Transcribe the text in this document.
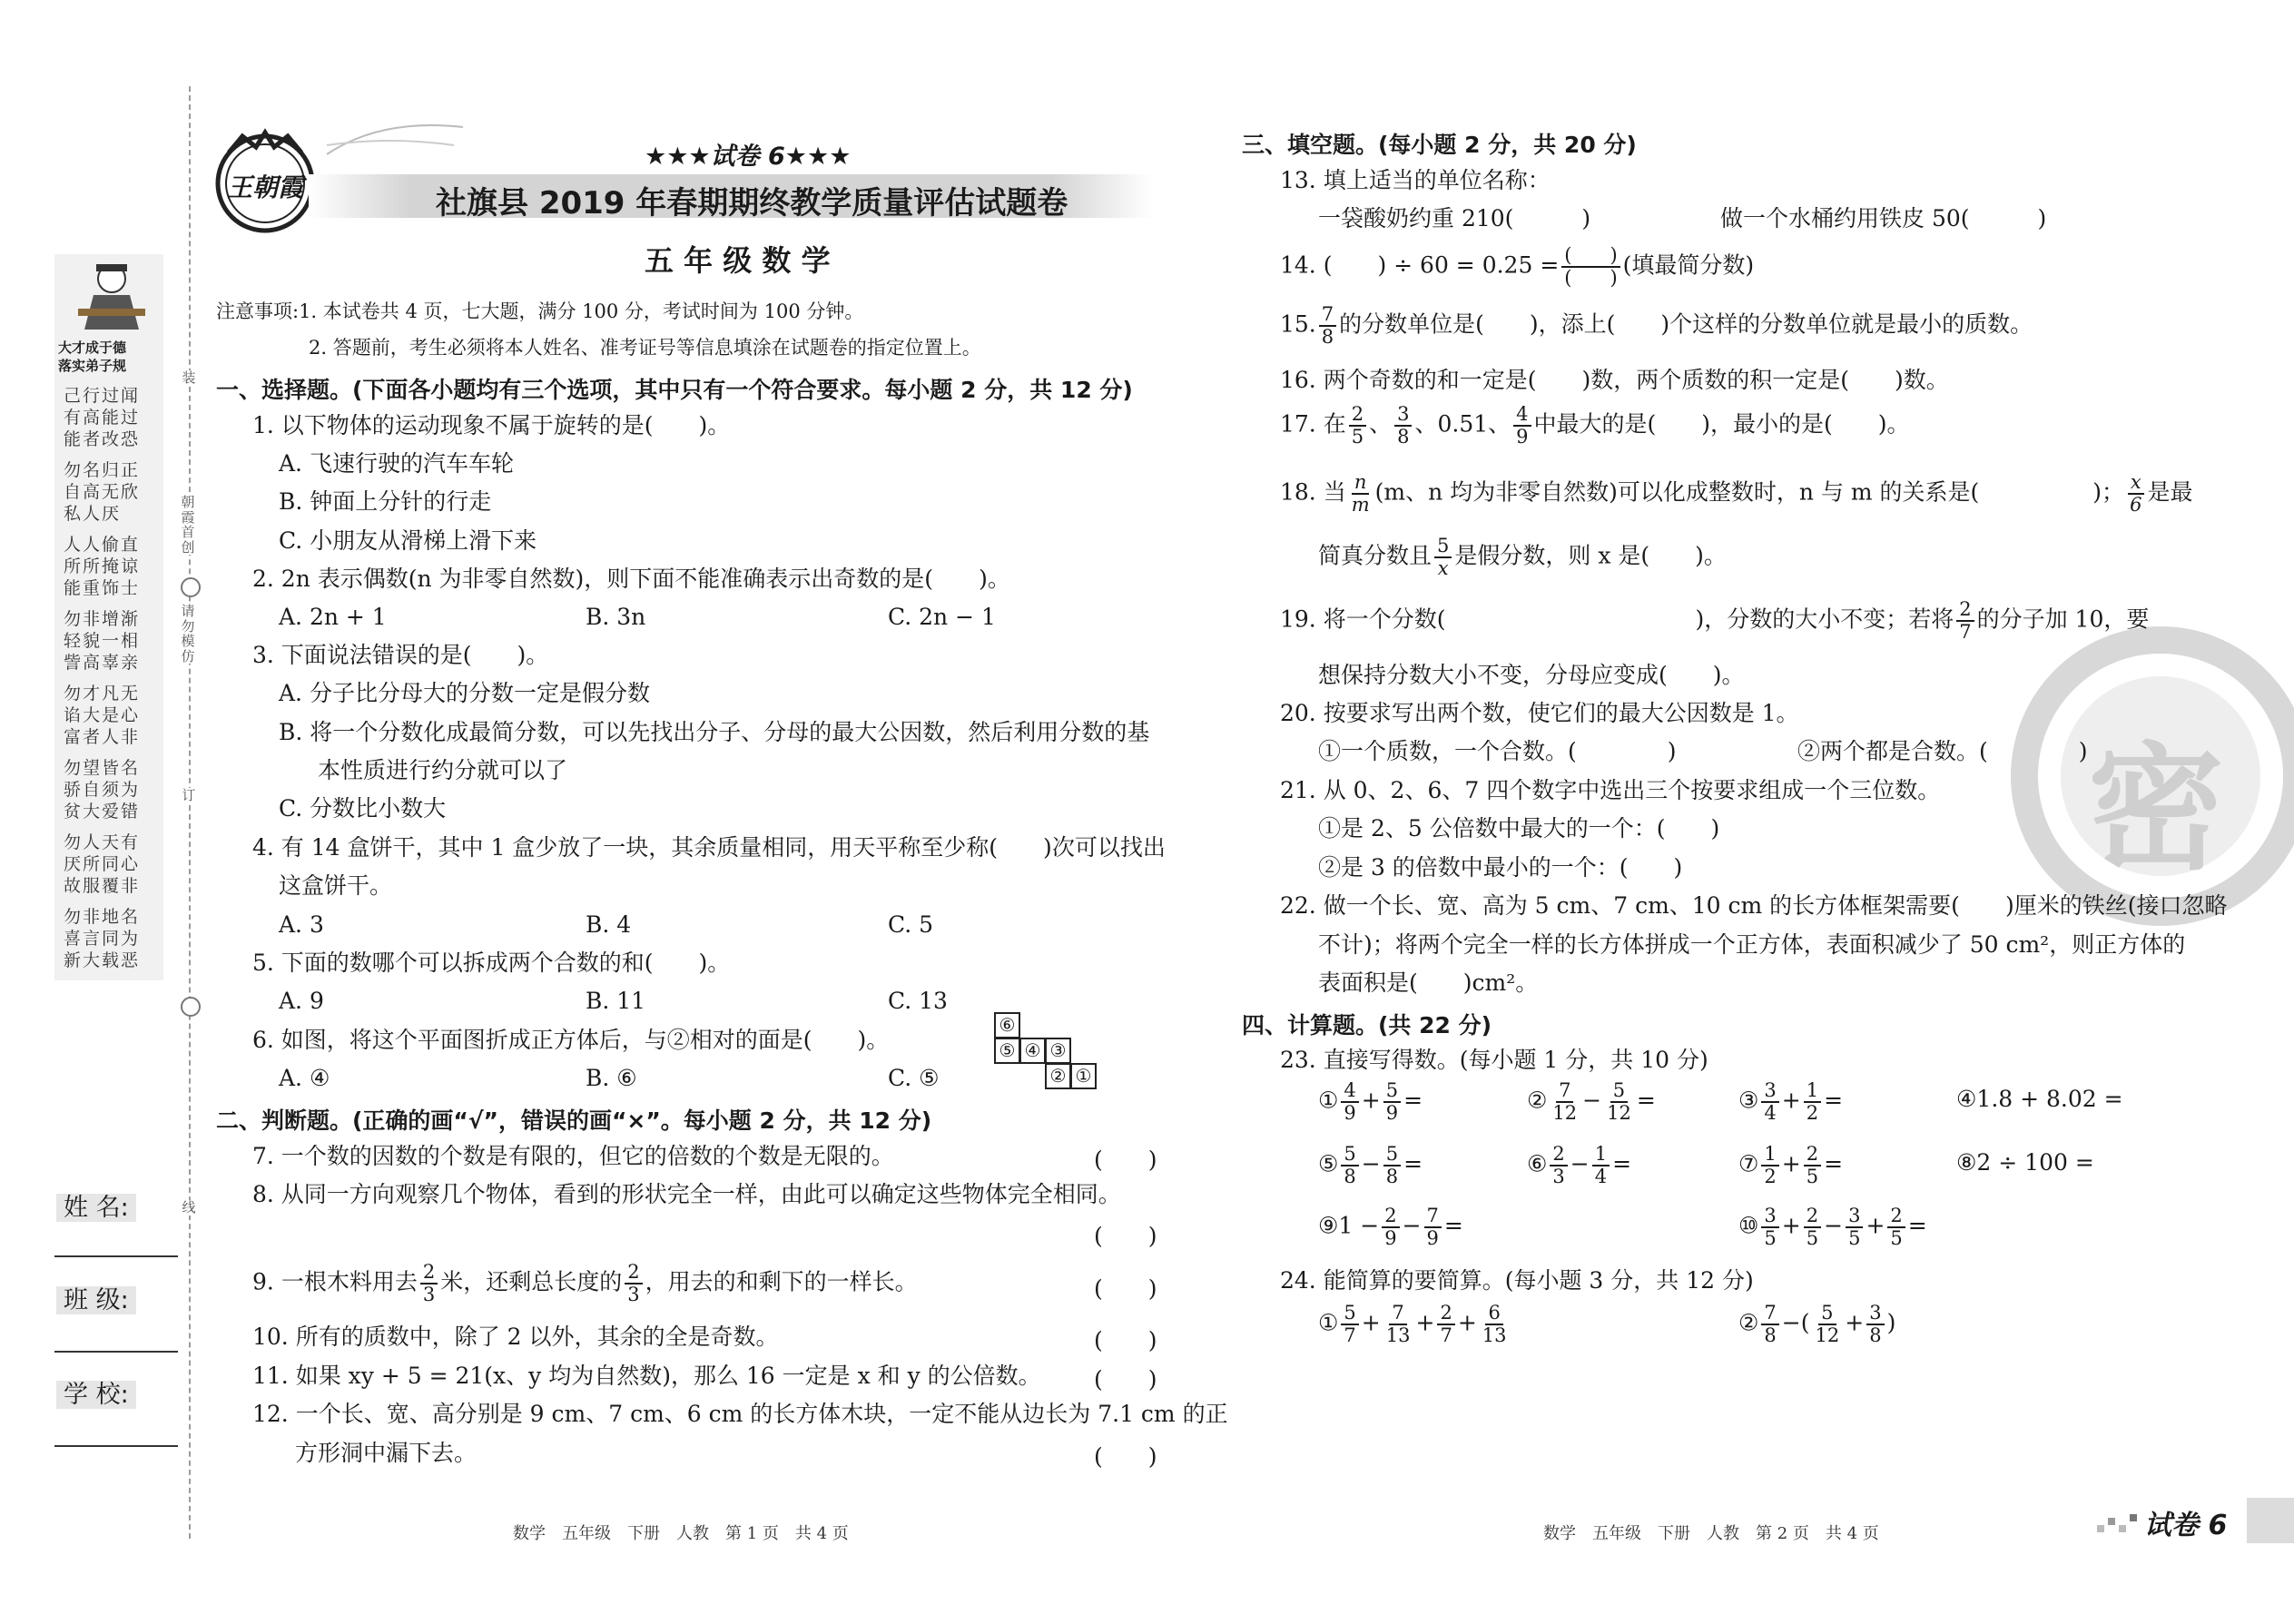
大才成于德
落实弟子规
己行过闻
有高能过
能者改恐
勿名归正
自高无欣
私人厌
人人偷直
所所掩谅
能重饰士
勿非增渐
轻貌一相
訾高辜亲
勿才凡无
谄大是心
富者人非
勿望皆名
骄自须为
贫大爱错
勿人天有
厌所同心
故服覆非
勿非地名
喜言同为
新大载恶
装
朝霞首创
请勿模仿
订
线
姓 名:
班 级:
学 校:
王朝霞
★★★试卷 6★★★
社旗县 2019 年春期期终教学质量评估试题卷
五 年 级 数 学
注意事项:1. 本试卷共 4 页，七大题，满分 100 分，考试时间为 100 分钟。
2. 答题前，考生必须将本人姓名、准考证号等信息填涂在试题卷的指定位置上。
一、选择题。(下面各小题均有三个选项，其中只有一个符合要求。每小题 2 分，共 12 分)
1. 以下物体的运动现象不属于旋转的是(　　)。
A. 飞速行驶的汽车车轮
B. 钟面上分针的行走
C. 小朋友从滑梯上滑下来
2. 2n 表示偶数(n 为非零自然数)，则下面不能准确表示出奇数的是(　　)。
A. 2n + 1	B. 3n	C. 2n − 1
3. 下面说法错误的是(　　)。
A. 分子比分母大的分数一定是假分数
B. 将一个分数化成最简分数，可以先找出分子、分母的最大公因数，然后利用分数的基
本性质进行约分就可以了
C. 分数比小数大
4. 有 14 盒饼干，其中 1 盒少放了一块，其余质量相同，用天平称至少称(　　)次可以找出
这盒饼干。
A. 3	B. 4	C. 5
5. 下面的数哪个可以拆成两个合数的和(　　)。
A. 9	B. 11	C. 13
6. 如图，将这个平面图折成正方体后，与②相对的面是(　　)。
A. ④	B. ⑥	C. ⑤
⑥
⑤ ④ ③
② ①
二、判断题。(正确的画“√”，错误的画“×”。每小题 2 分，共 12 分)
7. 一个数的因数的个数是有限的，但它的倍数的个数是无限的。	(　　)
8. 从同一方向观察几个物体，看到的形状完全一样，由此可以确定这些物体完全相同。
(　　)
9. 一根木料用去 $\frac{2}{3}$ 米，还剩总长度的 $\frac{2}{3}$ ，用去的和剩下的一样长。	(　　)
10. 所有的质数中，除了 2 以外，其余的全是奇数。	(　　)
11. 如果 xy + 5 = 21(x、y 均为自然数)，那么 16 一定是 x 和 y 的公倍数。 (　　)
12. 一个长、宽、高分别是 9 cm、7 cm、6 cm 的长方体木块，一定不能从边长为 7.1 cm 的正
方形洞中漏下去。	(　　)
数学　五年级　下册　人教　第 1 页　共 4 页
密
三、填空题。(每小题 2 分，共 20 分)
13. 填上适当的单位名称：
一袋酸奶约重 210(　　　)	做一个水桶约用铁皮 50(　　　)
14. (　　) ÷ $60 = 0.25 = \frac{( )}{( )}$ (填最简分数)
15. $\frac{7}{8}$ 的分数单位是(　　)，添上(　　)个这样的分数单位就是最小的质数。
16. 两个奇数的和一定是(　　)数，两个质数的积一定是(　　)数。
17. 在 $\frac{2}{5}$ 、 $\frac{3}{8}$ 、0.51、 $\frac{4}{9}$ 中最大的是(　　)，最小的是(　　)。
18. 当 $\frac{n}{m} (m$、n 均为非零自然数)可以化成整数时，n 与 m 的关系是(　　　　　)； $\frac{x}{6}$ 是最
简真分数且 $\frac{5}{x}$ 是假分数，则 x 是(　　)。
19. 将一个分数(　　　　　　　　　　　)，分数的大小不变；若将 $\frac{2}{7}$ 的分子加 10，要
想保持分数大小不变，分母应变成(　　)。
20. 按要求写出两个数，使它们的最大公因数是 1。
①一个质数，一个合数。(　　　　)	②两个都是合数。(　　　　)
21. 从 0、2、6、7 四个数字中选出三个按要求组成一个三位数。
①是 2、5 公倍数中最大的一个：(　　)
②是 3 的倍数中最小的一个：(　　)
22. 做一个长、宽、高为 5 cm、7 cm、10 cm 的长方体框架需要(　　)厘米的铁丝(接口忽略
不计)；将两个完全一样的长方体拼成一个正方体，表面积减少了 50 cm²，则正方体的
表面积是(　　)cm²。
四、计算题。(共 22 分)
23. 直接写得数。(每小题 1 分，共 10 分)
① $\frac{4}{9} + \frac{5}{9}$ =	② $\frac{7}{12} - \frac{5}{12}$ =	③ $\frac{3}{4} + \frac{1}{2}$ =	④1.8 + 8.02 =
⑤ $\frac{5}{8} - \frac{5}{8}$ =	⑥ $\frac{2}{3} - \frac{1}{4}$ =	⑦ $\frac{1}{2} + \frac{2}{5}$ =	⑧2 ÷ 100 =
⑨1 − $\frac{2}{9} - \frac{7}{9}$ =	⑩ $\frac{3}{5} + \frac{2}{5} - \frac{3}{5} + \frac{2}{5}$ =
24. 能简算的要简算。(每小题 3 分，共 12 分)
① $\frac{5}{7} + \frac{7}{13} + \frac{2}{7} + \frac{6}{13}$	② $\frac{7}{8}$ −( $\frac{5}{12} + \frac{3}{8}$ )
数学　五年级　下册　人教　第 2 页　共 4 页	试卷 6
